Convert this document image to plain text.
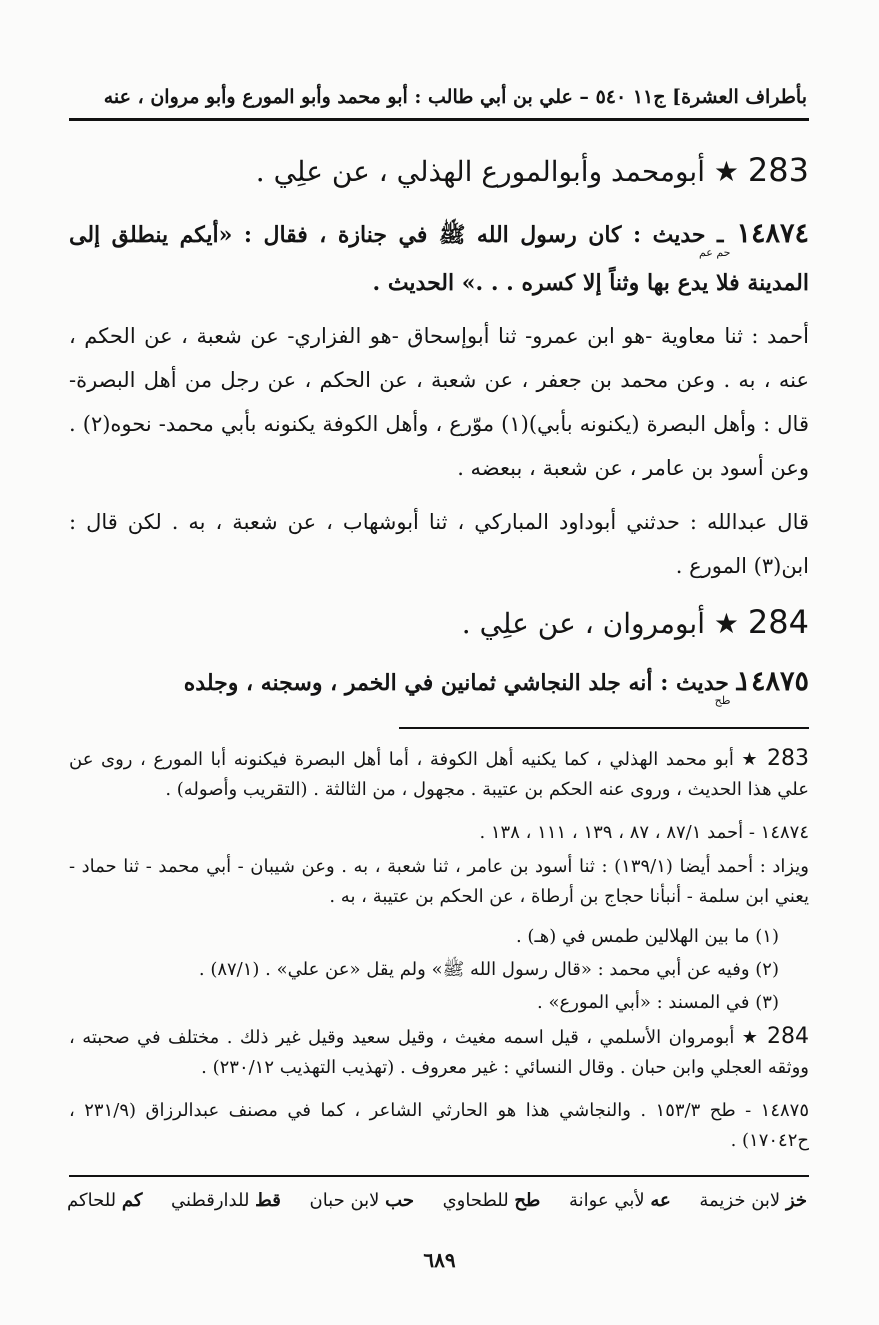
بأطراف العشرة] ج١١ ٥٤٠ – علي بن أبي طالب : أبو محمد وأبو المورع وأبو مروان ، عنه
283 ★ أبومحمد وأبوالمورع الهذلي ، عن علِي .
١٤٨٧٤حم عم ـ حديث : كان رسول الله ﷺ في جنازة ، فقال : «أيكم ينطلق إلى المدينة فلا يدع بها وثناً إلا كسره . . .» الحديث .
أحمد : ثنا معاوية -هو ابن عمرو- ثنا أبوإسحاق -هو الفزاري- عن شعبة ، عن الحكم ، عنه ، به . وعن محمد بن جعفر ، عن شعبة ، عن الحكم ، عن رجل من أهل البصرة- قال : وأهل البصرة (يكنونه بأبي)(١) موّرع ، وأهل الكوفة يكنونه بأبي محمد- نحوه(٢) . وعن أسود بن عامر ، عن شعبة ، ببعضه .
قال عبدالله : حدثني أبوداود المباركي ، ثنا أبوشهاب ، عن شعبة ، به . لكن قال : ابن(٣) المورع .
284 ★ أبومروان ، عن علِي .
١٤٨٧٥طح ـ حديث : أنه جلد النجاشي ثمانين في الخمر ، وسجنه ، وجلده
283 ★ أبو محمد الهذلي ، كما يكنيه أهل الكوفة ، أما أهل البصرة فيكنونه أبا المورع ، روى عن علي هذا الحديث ، وروى عنه الحكم بن عتيبة . مجهول ، من الثالثة . (التقريب وأصوله) .
١٤٨٧٤ - أحمد ٨٧/١ ، ٨٧ ، ١٣٩ ، ١١١ ، ١٣٨ .
ويزاد : أحمد أيضا (١٣٩/١) : ثنا أسود بن عامر ، ثنا شعبة ، به . وعن شيبان - أبي محمد - ثنا حماد - يعني ابن سلمة - أنبأنا حجاج بن أرطاة ، عن الحكم بن عتيبة ، به .
(١) ما بين الهلالين طمس في (هـ) .
(٢) وفيه عن أبي محمد : «قال رسول الله ﷺ» ولم يقل «عن علي» . (٨٧/١) .
(٣) في المسند : «أبي المورع» .
284 ★ أبومروان الأسلمي ، قيل اسمه مغيث ، وقيل سعيد وقيل غير ذلك . مختلف في صحبته ، ووثقه العجلي وابن حبان . وقال النسائي : غير معروف . (تهذيب التهذيب ٢٣٠/١٢) .
١٤٨٧٥ - طح ١٥٣/٣ . والنجاشي هذا هو الحارثي الشاعر ، كما في مصنف عبدالرزاق (٢٣١/٩ ، ح١٧٠٤٢) .
خز لابن خزيمة
عه لأبي عوانة
طح للطحاوي
حب لابن حبان
قط للدارقطني
كم للحاكم
٦٨٩
